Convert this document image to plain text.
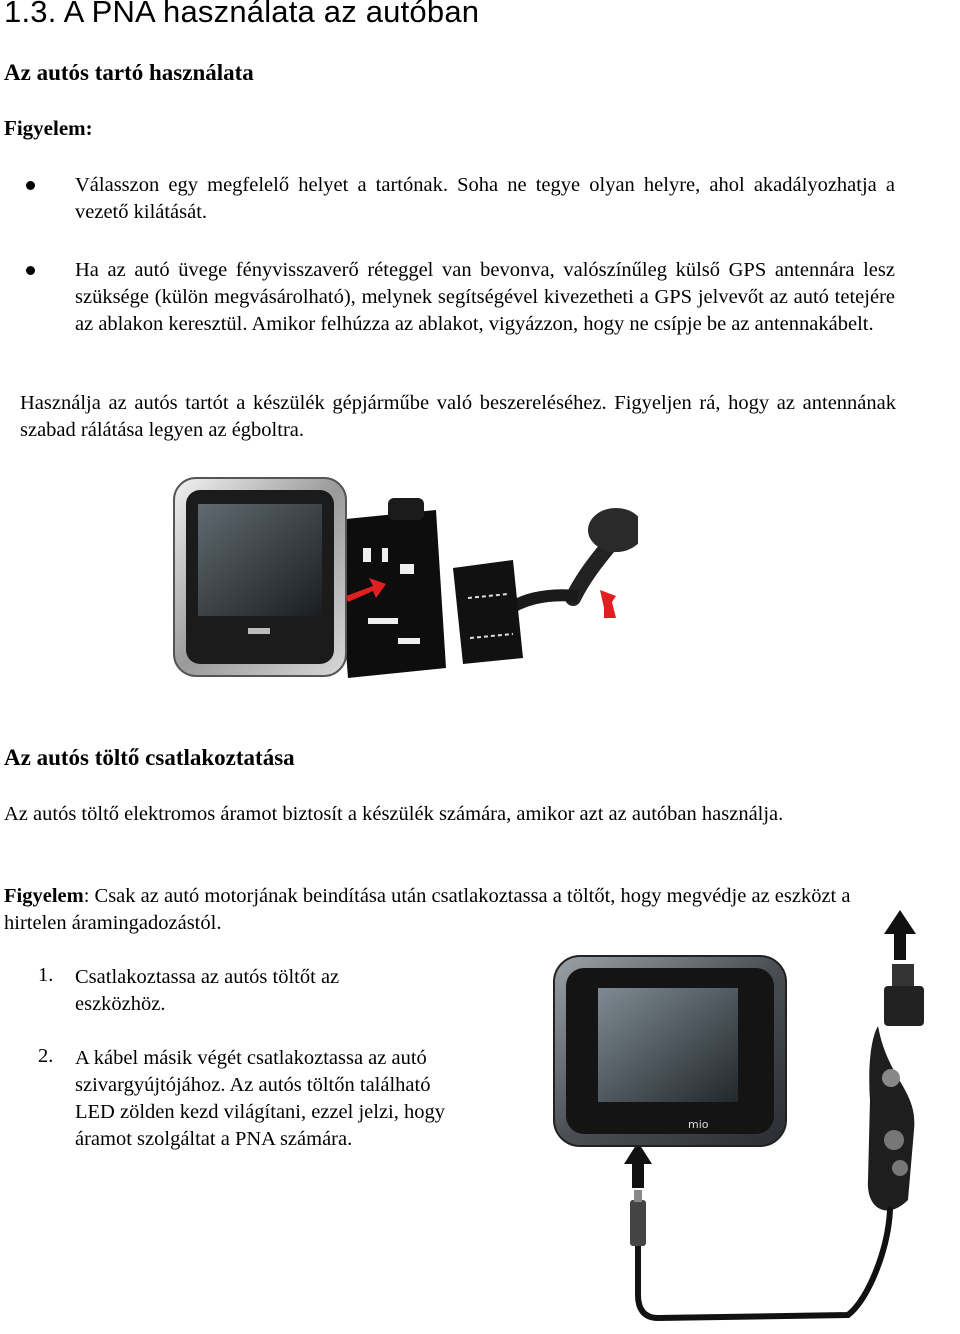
1.3. A PNA használata az autóban
Az autós tartó használata
Figyelem:
Válasszon egy megfelelő helyet a tartónak. Soha ne tegye olyan helyre, ahol akadályozhatja a vezető kilátását.
Ha az autó üvege fényvisszaverő réteggel van bevonva, valószínűleg külső GPS antennára lesz szüksége (külön megvásárolható), melynek segítségével kivezetheti a GPS jelvevőt az autó tetejére az ablakon keresztül. Amikor felhúzza az ablakot, vigyázzon, hogy ne csípje be az antennakábelt.
Használja az autós tartót a készülék gépjárműbe való beszereléséhez. Figyeljen rá, hogy az antennának szabad rálátása legyen az égboltra.
Az autós töltő csatlakoztatása
Az autós töltő elektromos áramot biztosít a készülék számára, amikor azt az autóban használja.
Figyelem: Csak az autó motorjának beindítása után csatlakoztassa a töltőt, hogy megvédje az eszközt a hirtelen áramingadozástól.
1. Csatlakoztassa az autós töltőt az eszközhöz.
2. A kábel másik végét csatlakoztassa az autó szivargyújtójához. Az autós töltőn található LED zölden kezd világítani, ezzel jelzi, hogy áramot szolgáltat a PNA számára.
mio
